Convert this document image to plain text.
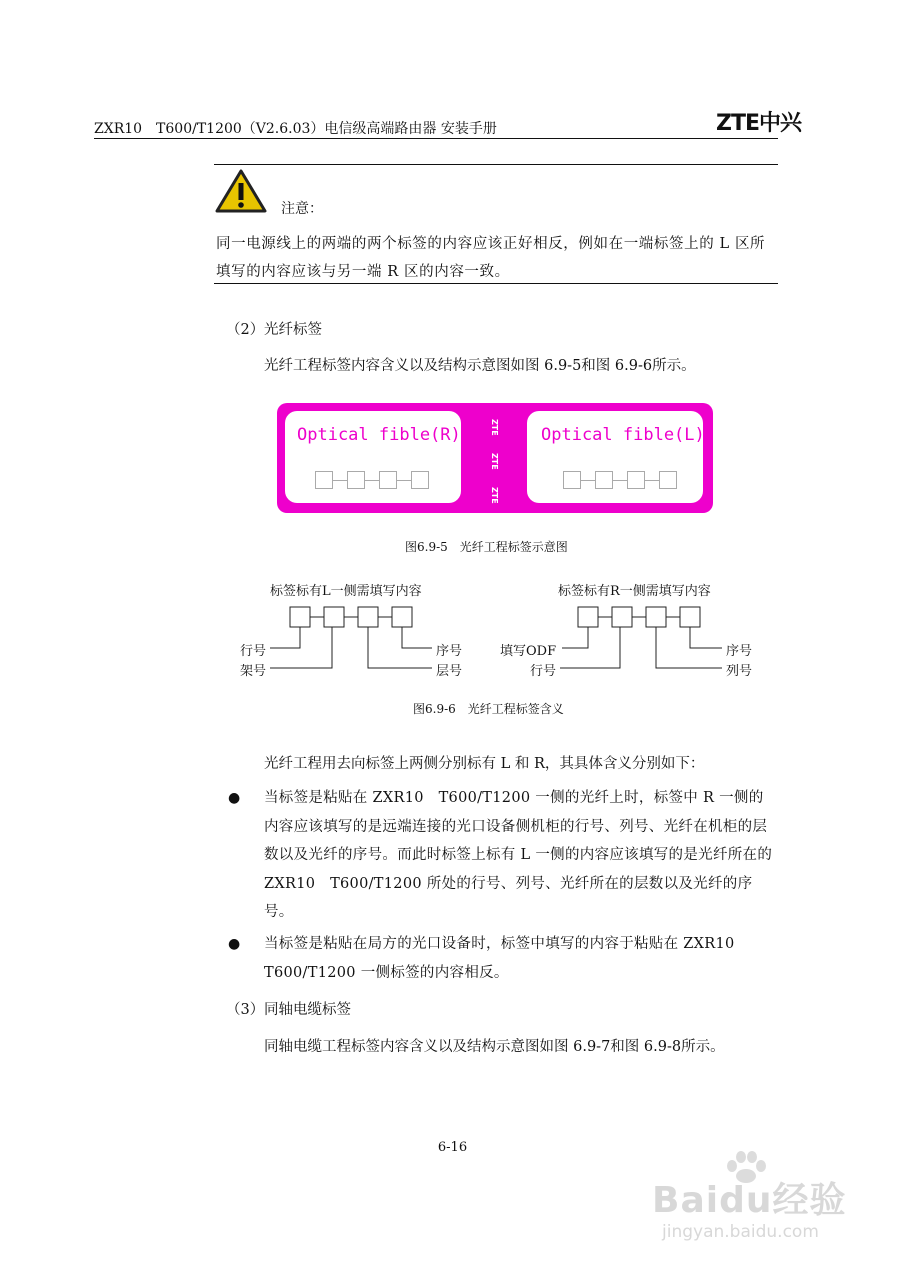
ZXR10　T600/T1200（V2.6.03）电信级高端路由器 安装手册	ZTE中兴
注意：
同一电源线上的两端的两个标签的内容应该正好相反，例如在一端标签上的 L 区所填写的内容应该与另一端 R 区的内容一致。
（2） 光纤标签
光纤工程标签内容含义以及结构示意图如图 6.9-5和图 6.9-6所示。
Optical fible(R)	ZTE
ZTE
ZTE
Optical fible(L)
图6.9-5　光纤工程标签示意图
标签标有L一侧需填写内容
行号
架号
序号
层号
标签标有R一侧需填写内容
填写ODF
行号
序号
列号
图6.9-6　光纤工程标签含义
光纤工程用去向标签上两侧分别标有 L 和 R，其具体含义分别如下：
● 当标签是粘贴在 ZXR10　T600/T1200 一侧的光纤上时，标签中 R 一侧的内容应该填写的是远端连接的光口设备侧机柜的行号、列号、光纤在机柜的层数以及光纤的序号。而此时标签上标有 L 一侧的内容应该填写的是光纤所在的 ZXR10　T600/T1200 所处的行号、列号、光纤所在的层数以及光纤的序号。
● 当标签是粘贴在局方的光口设备时，标签中填写的内容于粘贴在 ZXR10 T600/T1200 一侧标签的内容相反。
（3） 同轴电缆标签
同轴电缆工程标签内容含义以及结构示意图如图 6.9-7和图 6.9-8所示。
6-16
Baidu经验
jingyan.baidu.com
